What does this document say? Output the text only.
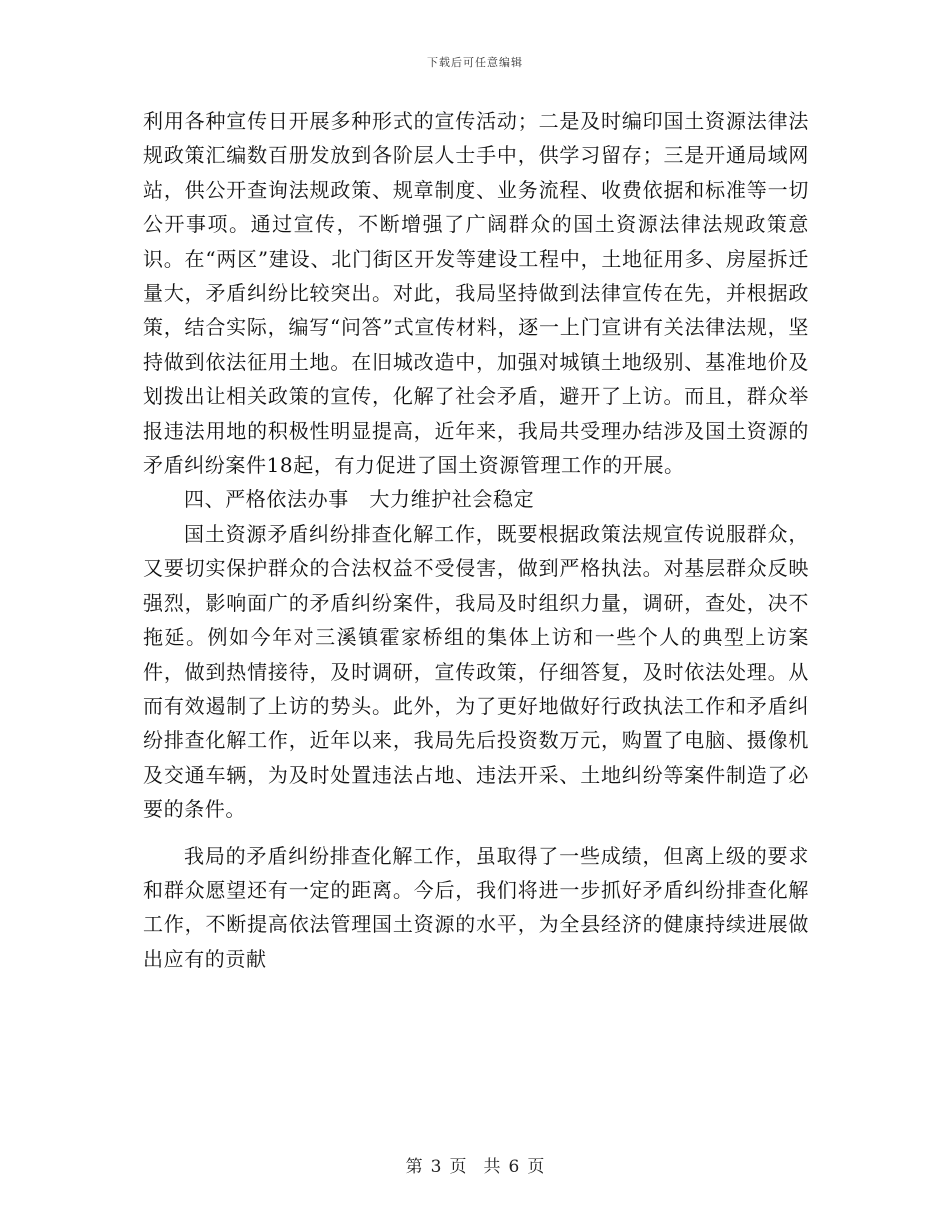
下载后可任意编辑

利用各种宣传日开展多种形式的宣传活动；二是及时编印国土资源法律法规政策汇编数百册发放到各阶层人士手中，供学习留存；三是开通局域网站，供公开查询法规政策、规章制度、业务流程、收费依据和标准等一切公开事项。通过宣传，不断增强了广阔群众的国土资源法律法规政策意识。在“两区”建设、北门街区开发等建设工程中，土地征用多、房屋拆迁量大，矛盾纠纷比较突出。对此，我局坚持做到法律宣传在先，并根据政策，结合实际，编写“问答”式宣传材料，逐一上门宣讲有关法律法规，坚持做到依法征用土地。在旧城改造中，加强对城镇土地级别、基准地价及划拨出让相关政策的宣传，化解了社会矛盾，避开了上访。而且，群众举报违法用地的积极性明显提高，近年来，我局共受理办结涉及国土资源的矛盾纠纷案件18起，有力促进了国土资源管理工作的开展。

四、严格依法办事　大力维护社会稳定

国土资源矛盾纠纷排查化解工作，既要根据政策法规宣传说服群众，又要切实保护群众的合法权益不受侵害，做到严格执法。对基层群众反映强烈，影响面广的矛盾纠纷案件，我局及时组织力量，调研，查处，决不拖延。例如今年对三溪镇霍家桥组的集体上访和一些个人的典型上访案件，做到热情接待，及时调研，宣传政策，仔细答复，及时依法处理。从而有效遏制了上访的势头。此外，为了更好地做好行政执法工作和矛盾纠纷排查化解工作，近年以来，我局先后投资数万元，购置了电脑、摄像机及交通车辆，为及时处置违法占地、违法开采、土地纠纷等案件制造了必要的条件。

我局的矛盾纠纷排查化解工作，虽取得了一些成绩，但离上级的要求和群众愿望还有一定的距离。今后，我们将进一步抓好矛盾纠纷排查化解工作，不断提高依法管理国土资源的水平，为全县经济的健康持续进展做出应有的贡献

第 3 页　共 6 页
